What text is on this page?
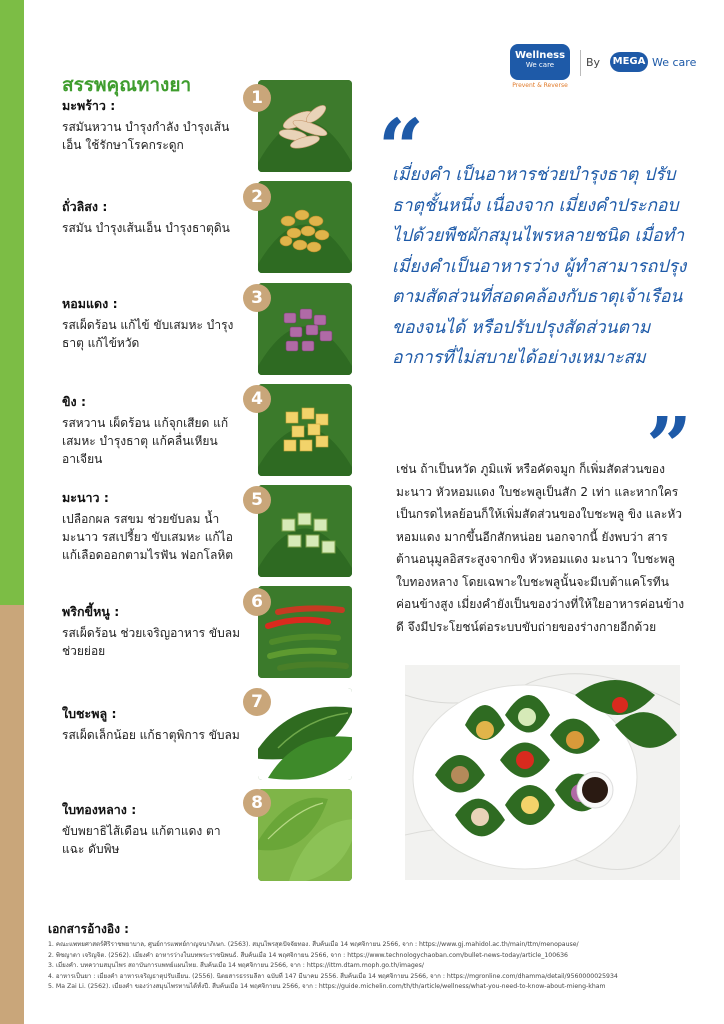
Wellness
We care
Prevent & Reverse
By MEGA We care
สรรพคุณทางยา

มะพร้าว :

รสมันหวาน บำรุงกำลัง บำรุงเส้นเอ็น ใช้รักษาโรคกระดูก

ถั่วลิสง :

รสมัน บำรุงเส้นเอ็น บำรุงธาตุดิน

หอมแดง :

รสเผ็ดร้อน แก้ไข้ ขับเสมหะ บำรุงธาตุ แก้ไข้หวัด

ขิง :

รสหวาน เผ็ดร้อน แก้จุกเสียด แก้เสมหะ บำรุงธาตุ แก้คลื่นเหียน อาเจียน

มะนาว :

เปลือกผล รสขม ช่วยขับลม น้ำมะนาว รสเปรี้ยว ขับเสมหะ แก้ไอ แก้เลือดออกตามไรฟัน ฟอกโลหิต

พริกขี้หนู :

รสเผ็ดร้อน ช่วยเจริญอาหาร ขับลม ช่วยย่อย

ใบชะพลู :

รสเผ็ดเล็กน้อย แก้ธาตุพิการ ขับลม

ใบทองหลาง :

ขับพยาธิไส้เดือน แก้ตาแดง ตาแฉะ ดับพิษ

1
2
3
4
5
6
7
8
“
เมี่ยงคำ เป็นอาหารช่วยบำรุงธาตุ ปรับธาตุชั้นหนึ่ง เนื่องจาก เมี่ยงคำประกอบไปด้วยพืชผักสมุนไพรหลายชนิด เมื่อทำเมี่ยงคำเป็นอาหารว่าง ผู้ทำสามารถปรุงตามสัดส่วนที่สอดคล้องกับธาตุเจ้าเรือนของจนได้ หรือปรับปรุงสัดส่วนตามอาการที่ไม่สบายได้อย่างเหมาะสม
”
เช่น ถ้าเป็นหวัด ภูมิแพ้ หรือคัดจมูก ก็เพิ่มสัดส่วนของมะนาว หัวหอมแดง ใบชะพลูเป็นสัก 2 เท่า และหากใครเป็นกรดไหลย้อนก็ให้เพิ่มสัดส่วนของใบชะพลู ขิง และหัวหอมแดง มากขึ้นอีกสักหน่อย นอกจากนี้ ยังพบว่า สารต้านอนุมูลอิสระสูงจากขิง หัวหอมแดง มะนาว ใบชะพลู ใบทองหลาง โดยเฉพาะใบชะพลูนั้นจะมีเบต้าแคโรทีนค่อนข้างสูง เมี่ยงคำยังเป็นของว่างที่ให้ใยอาหารค่อนข้างดี จึงมีประโยชน์ต่อระบบขับถ่ายของร่างกายอีกด้วย
เอกสารอ้างอิง :
1. คณะแพทยศาสตร์ศิริราชพยาบาล, ศูนย์การแพทย์กาญจนาภิเษก. (2563). สมุนไพรสุดปัจจัยทอง. สืบค้นเมื่อ 14 พฤศจิกายน 2566, จาก : https://www.gj.mahidol.ac.th/main/ttm/menopause/
2. พิชญาดา เจริญจิต. (2562). เมี่ยงคำ อาหารว่างในบทพระราชนิพนธ์. สืบค้นเมื่อ 14 พฤศจิกายน 2566, จาก : https://www.technologychaoban.com/bullet-news-today/article_100636
3. เมี่ยงคำ. บทความสมุนไพร สถาบันการแพทย์แผนไทย. สืบค้นเมื่อ 14 พฤศจิกายน 2566, จาก : https://ittm.dtam.moph.go.th/images/
4. อาหารเป็นยา : เมี่ยงคำ อาหารเจริญธาตุปรับเยียน. (2556). นิตยสารธรรมลีลา ฉบับที่ 147 มีนาคม 2556. สืบค้นเมื่อ 14 พฤศจิกายน 2566, จาก : https://mgronline.com/dhamma/detail/9560000025934
5. Ma Zai Li. (2562). เมี่ยงคำ ของว่างสมุนไพรทานได้ทั้งปี. สืบค้นเมื่อ 14 พฤศจิกายน 2566, จาก : https://guide.michelin.com/th/th/article/wellness/what-you-need-to-know-about-mieng-kham
